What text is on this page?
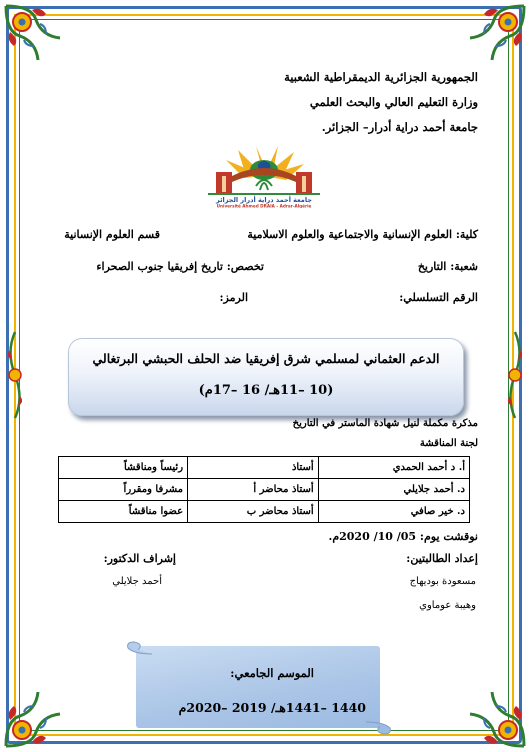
الجمهورية الجزائرية الديمقراطية الشعبية
وزارة التعليم العالي والبحث العلمي
جامعة أحمد دراية أدرار– الجزائر.
جامعة أحمد دراية أدرار الجزائر
Université Ahmed DRAIA - Adrar-Algérie
كلية: العلوم الإنسانية والاجتماعية والعلوم الاسلامية
قسم العلوم الإنسانية
شعبة: التاريخ
تخصص: تاريخ إفريقيا جنوب الصحراء
الرقم التسلسلي:
الرمز:
الدعم العثماني لمسلمي شرق إفريقيا ضد الحلف الحبشي البرتغالي
(10 –11هـ/ 16 –17م)
مذكرة مكملة لنيل شهادة الماستر في التاريخ
لجنة المناقشة
أ. د أحمد الحمدي	أستاذ	رئيساً ومناقشاً
د. أحمد جلايلي	أستاذ محاضر أ	مشرفا ومقرراً
د. خير صافي	أستاذ محاضر ب	عضوا مناقشاً
نوقشت يوم: 05/ 10/ 2020م.
إعداد الطالبتين:
إشراف الدكتور:
مسعودة بوديهاج
أحمد جلايلي
وهيبة عوماوي
الموسم الجامعي:
1440 –1441هـ/ 2019 –2020م
